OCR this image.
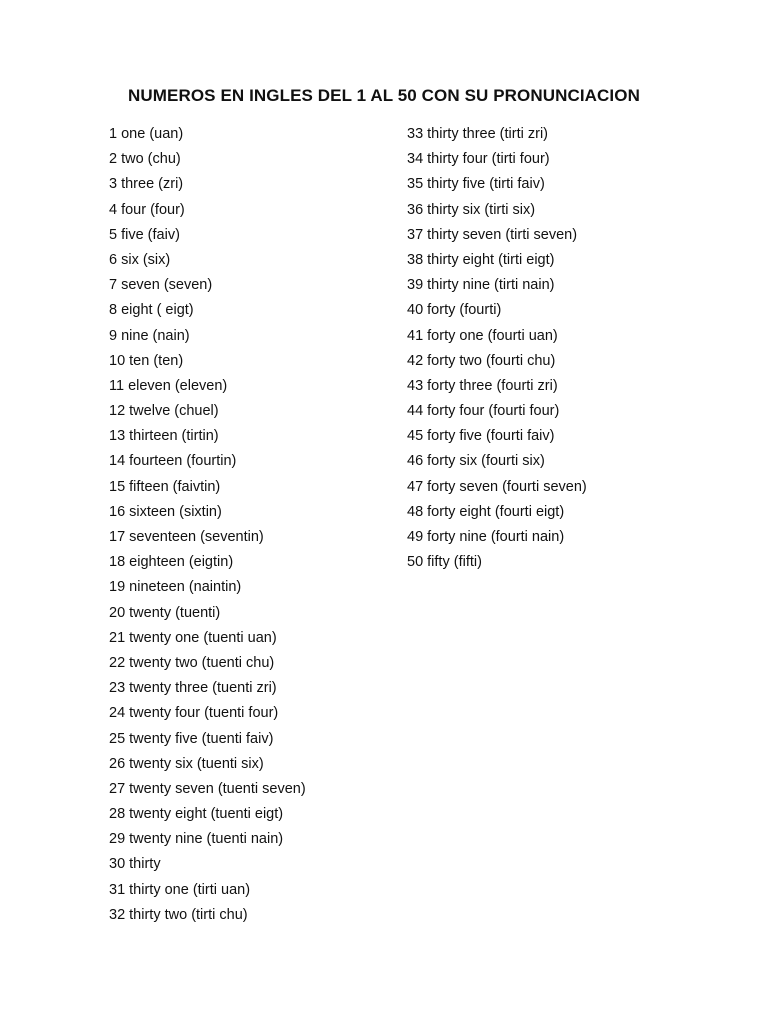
NUMEROS EN INGLES DEL 1 AL 50 CON SU PRONUNCIACION
1 one (uan)
2 two (chu)
3 three (zri)
4 four (four)
5 five (faiv)
6 six (six)
7 seven (seven)
8 eight ( eigt)
9 nine (nain)
10 ten (ten)
11 eleven (eleven)
12 twelve (chuel)
13 thirteen (tirtin)
14 fourteen (fourtin)
15 fifteen (faivtin)
16 sixteen (sixtin)
17 seventeen (seventin)
18 eighteen (eigtin)
19 nineteen (naintin)
20 twenty (tuenti)
21 twenty one (tuenti uan)
22 twenty two (tuenti chu)
23 twenty three (tuenti zri)
24 twenty four (tuenti four)
25 twenty five (tuenti faiv)
26 twenty six (tuenti six)
27 twenty seven (tuenti seven)
28 twenty eight (tuenti eigt)
29 twenty nine (tuenti nain)
30 thirty
31 thirty one (tirti uan)
32 thirty two (tirti chu)
33 thirty three (tirti zri)
34 thirty four (tirti four)
35 thirty five (tirti faiv)
36 thirty six (tirti six)
37 thirty seven (tirti seven)
38 thirty eight (tirti eigt)
39 thirty nine (tirti nain)
40 forty (fourti)
41 forty one (fourti uan)
42 forty two (fourti chu)
43 forty three (fourti zri)
44 forty four (fourti four)
45 forty five (fourti faiv)
46 forty six (fourti six)
47 forty seven (fourti seven)
48 forty eight (fourti eigt)
49 forty nine (fourti nain)
50 fifty (fifti)
